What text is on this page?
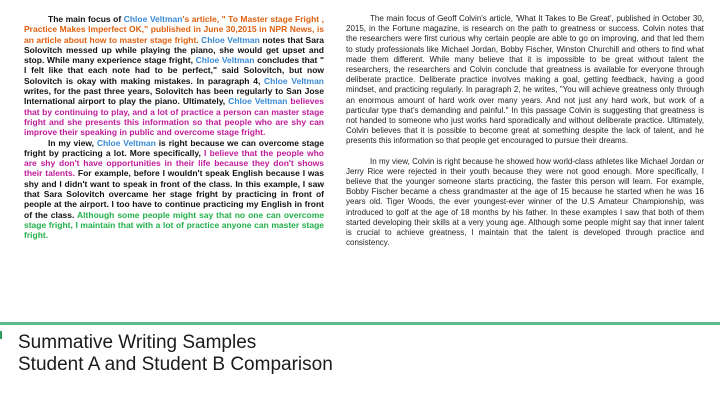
The main focus of Chloe Veltman's article, " To Master stage Fright , Practice Makes Imperfect OK," published in June 30,2015 in NPR News, is an article about how to master stage fright. Chloe Veltman notes that Sara Solovitch messed up while playing the piano, she would get upset and stop. While many experience stage fright, Chloe Veltman concludes that " I felt like that each note had to be perfect," said Solovitch, but now Solovitch is okay with making mistakes. In paragraph 4, Chloe Veltman writes, for the past three years, Solovitch has been regularly to San Jose International airport to play the piano. Ultimately, Chloe Veltman believes that by continuing to play, and a lot of practice a person can master stage fright and she presents this information so that people who are shy can improve their speaking in public and overcome stage fright.

In my view, Chloe Veltman is right because we can overcome stage fright by practicing a lot. More specifically, I believe that the people who are shy don't have opportunities in their life because they don't shows their talents. For example, before I wouldn't speak English because I was shy and I didn't want to speak in front of the class. In this example, I saw that Sara Solovitch overcame her stage fright by practicing in front of people at the airport. I too have to continue practicing my English in front of the class. Although some people might say that no one can overcome stage fright, I maintain that with a lot of practice anyone can master stage fright.

The main focus of Geoff Colvin's article, 'What It Takes to Be Great', published in October 30, 2015, in the Fortune magazine, is research on the path to greatness or success. Colvin notes that the researchers were first curious why certain people are able to go on improving, and that led them to study professionals like Michael Jordan, Bobby Fischer, Winston Churchill and others to find what made them different. While many believe that it is impossible to be great without talent the researchers, the researchers and Colvin conclude that greatness is available for everyone through deliberate practice. Deliberate practice involves making a goal, getting feedback, having a good mindset, and practicing regularly. In paragraph 2, he writes, "You will achieve greatness only through an enormous amount of hard work over many years. And not just any hard work, but work of a particular type that's demanding and painful." In this passage Colvin is suggesting that greatness is not handed to someone who just works hard sporadically and without deliberate practice. Ultimately, Colvin believes that it is possible to become great at something despite the lack of talent, and he presents this information so that people get encouraged to pursue their dreams.

In my view, Colvin is right because he showed how world-class athletes like Michael Jordan or Jerry Rice were rejected in their youth because they were not good enough. More specifically, I believe that the younger someone starts practicing, the faster this person will learn. For example, Bobby Fischer became a chess grandmaster at the age of 15 because he started when he was 16 years old. Tiger Woods, the ever youngest-ever winner of the U.S Amateur Championship, was introduced to golf at the age of 18 months by his father. In these examples I saw that both of them started developing their skills at a very young age. Although some people might say that inner talent is crucial to achieve greatness, I maintain that the talent is developed through practice and consistency.

Summative Writing Samples
Student A and Student B Comparison
